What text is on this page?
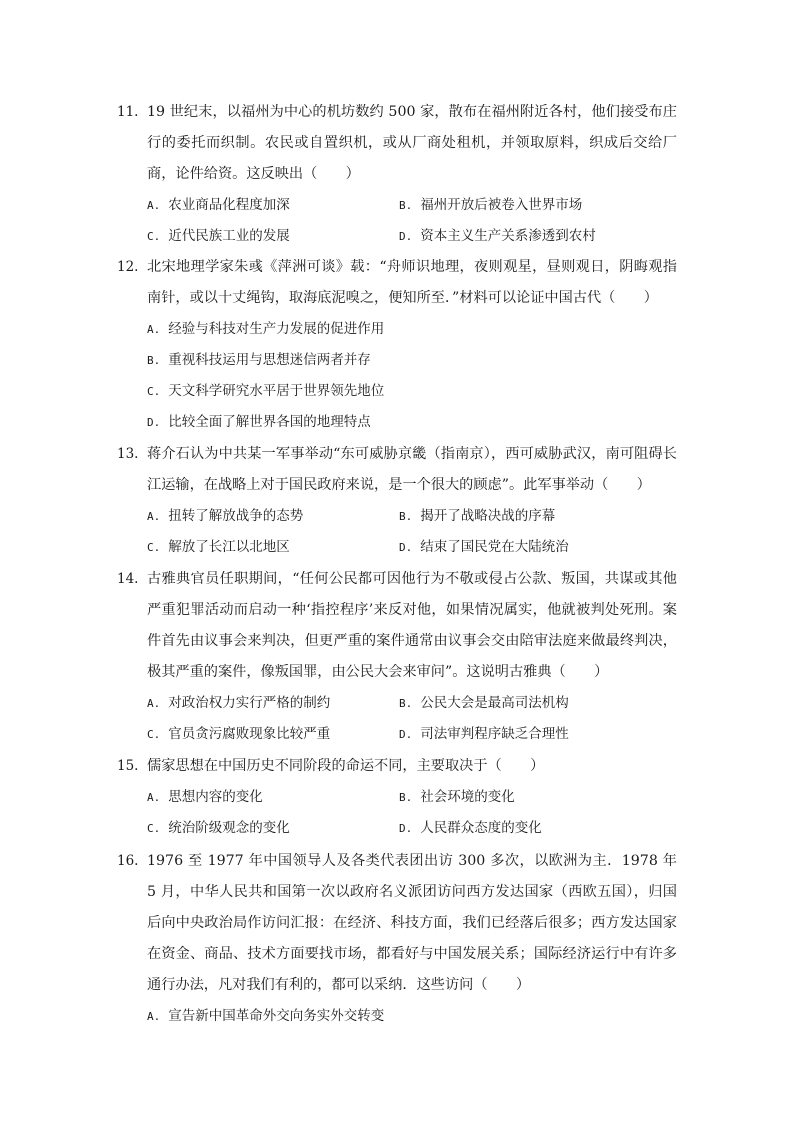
11. 19 世纪末，以福州为中心的机坊数约 500 家，散布在福州附近各村，他们接受布庄行的委托而织制。农民或自置织机，或从厂商处租机，并领取原料，织成后交给厂商，论件给资。这反映出（　　）
A. 农业商品化程度加深	B. 福州开放后被卷入世界市场
C. 近代民族工业的发展	D. 资本主义生产关系渗透到农村
12. 北宋地理学家朱彧《萍洲可谈》载：“舟师识地理，夜则观星，昼则观日，阴晦观指南针，或以十丈绳钩，取海底泥嗅之，便知所至．”材料可以论证中国古代（　　）
A. 经验与科技对生产力发展的促进作用
B. 重视科技运用与思想迷信两者并存
C. 天文科学研究水平居于世界领先地位
D. 比较全面了解世界各国的地理特点
13. 蒋介石认为中共某一军事举动“东可威胁京畿（指南京），西可威胁武汉，南可阻碍长江运输，在战略上对于国民政府来说，是一个很大的顾虑”。此军事举动（　　）
A. 扭转了解放战争的态势	B. 揭开了战略决战的序幕
C. 解放了长江以北地区	D. 结束了国民党在大陆统治
14. 古雅典官员任职期间，“任何公民都可因他行为不敬或侵占公款、叛国，共谋或其他严重犯罪活动而启动一种‘指控程序’来反对他，如果情况属实，他就被判处死刑。案件首先由议事会来判决，但更严重的案件通常由议事会交由陪审法庭来做最终判决，极其严重的案件，像叛国罪，由公民大会来审问”。这说明古雅典（　　）
A. 对政治权力实行严格的制约	B. 公民大会是最高司法机构
C. 官员贪污腐败现象比较严重	D. 司法审判程序缺乏合理性
15. 儒家思想在中国历史不同阶段的命运不同，主要取决于（　　）
A. 思想内容的变化	B. 社会环境的变化
C. 统治阶级观念的变化	D. 人民群众态度的变化
16. 1976 至 1977 年中国领导人及各类代表团出访 300 多次，以欧洲为主．1978 年 5 月，中华人民共和国第一次以政府名义派团访问西方发达国家（西欧五国），归国后向中央政治局作访问汇报：在经济、科技方面，我们已经落后很多；西方发达国家在资金、商品、技术方面要找市场，都看好与中国发展关系；国际经济运行中有许多通行办法，凡对我们有利的，都可以采纳．这些访问（　　）
A. 宣告新中国革命外交向务实外交转变
